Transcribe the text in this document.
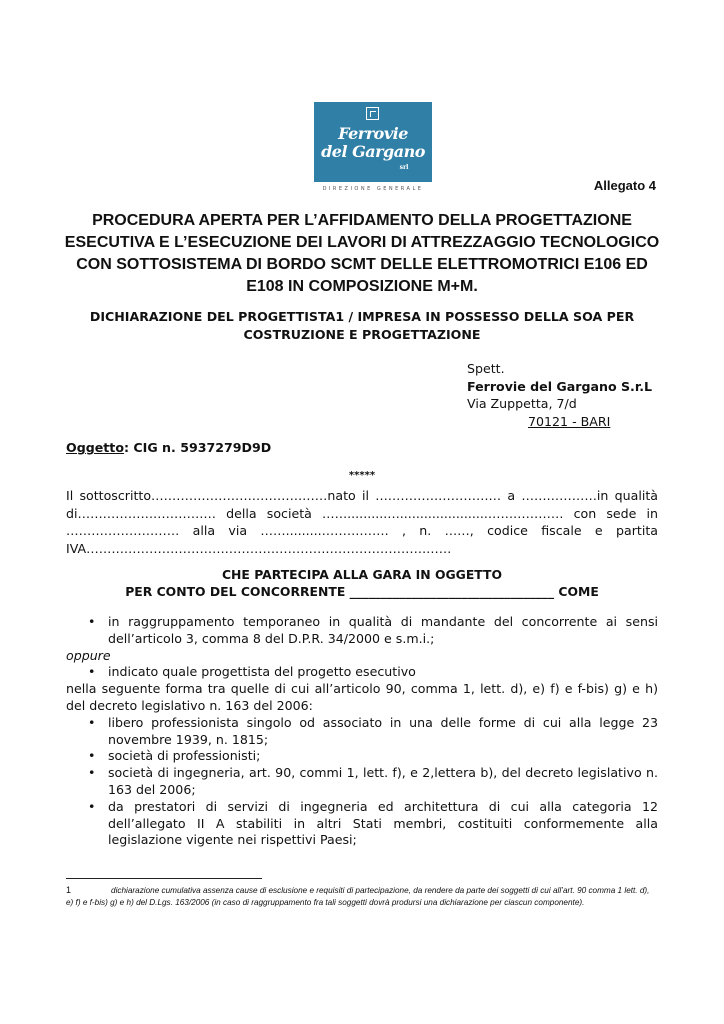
Ferrovie
del Gargano
srl
DIREZIONE GENERALE	Allegato 4
PROCEDURA APERTA PER L’AFFIDAMENTO DELLA PROGETTAZIONE ESECUTIVA E L’ESECUZIONE DEI LAVORI DI ATTREZZAGGIO TECNOLOGICO CON SOTTOSISTEMA DI BORDO SCMT DELLE ELETTROMOTRICI E106 ED E108 IN COMPOSIZIONE M+M.
DICHIARAZIONE DEL PROGETTISTA1 / IMPRESA IN POSSESSO DELLA SOA PER COSTRUZIONE E PROGETTAZIONE
Spett.
Ferrovie del Gargano S.r.L
Via Zuppetta, 7/d
70121 - BARI
Oggetto: CIG n. 5937279D9D
*****
Il sottoscritto……………………………………nato il ………………………… a ………………in qualità
di…………………………… della società ……..........…......................……………… con sede in
……………………… alla via …….........……………. , n. ……, codice fiscale e partita
IVA……………………………………………………………………………
CHE PARTECIPA ALLA GARA IN OGGETTO
PER CONTO DEL CONCORRENTE _________________________________ COME
• in raggruppamento temporaneo in qualità di mandante del concorrente ai sensi dell’articolo 3, comma 8 del D.P.R. 34/2000 e s.m.i.;
oppure
• indicato quale progettista del progetto esecutivo
nella seguente forma tra quelle di cui all’articolo 90, comma 1, lett. d), e) f) e f-bis) g) e h) del decreto legislativo n. 163 del 2006:
• libero professionista singolo od associato in una delle forme di cui alla legge 23 novembre 1939, n. 1815;
• società di professionisti;
• società di ingegneria, art. 90, commi 1, lett. f), e 2,lettera b), del decreto legislativo n. 163 del 2006;
• da prestatori di servizi di ingegneria ed architettura di cui alla categoria 12 dell’allegato II A stabiliti in altri Stati membri, costituiti conformemente alla legislazione vigente nei rispettivi Paesi;
1	dichiarazione cumulativa assenza cause di esclusione e requisiti di partecipazione, da rendere da parte dei soggetti di cui all’art. 90 comma 1 lett. d), e) f) e f-bis) g) e h) del D.Lgs. 163/2006 (in caso di raggruppamento fra tali soggetti dovrà prodursi una dichiarazione per ciascun componente).
